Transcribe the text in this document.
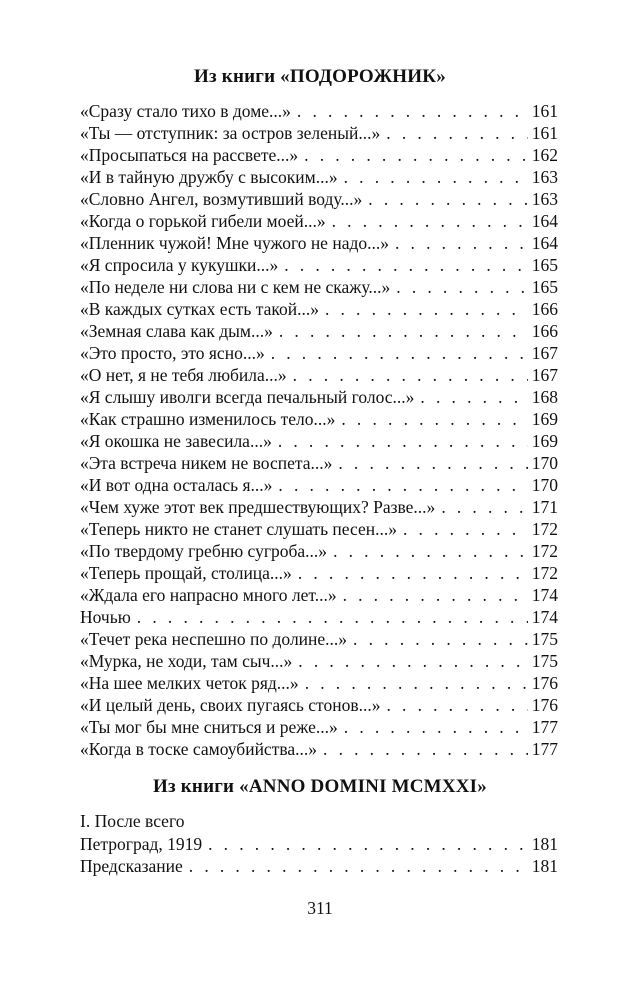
Из книги «ПОДОРОЖНИК»
«Сразу стало тихо в доме...» . . .	161
«Ты — отступник: за остров зеленый...» . . .	161
«Просыпаться на рассвете...» . . .	162
«И в тайную дружбу с высоким...» . . .	163
«Словно Ангел, возмутивший воду...» . . .	163
«Когда о горькой гибели моей...» . . .	164
«Пленник чужой! Мне чужого не надо...» . . .	164
«Я спросила у кукушки...» . . .	165
«По неделе ни слова ни с кем не скажу...» . . .	165
«В каждых сутках есть такой...» . . .	166
«Земная слава как дым...» . . .	166
«Это просто, это ясно...» . . .	167
«О нет, я не тебя любила...» . . .	167
«Я слышу иволги всегда печальный голос...» . . .	168
«Как страшно изменилось тело...» . . .	169
«Я окошка не завесила...» . . .	169
«Эта встреча никем не воспета...» . . .	170
«И вот одна осталась я...» . . .	170
«Чем хуже этот век предшествующих? Разве...» . . .	171
«Теперь никто не станет слушать песен...» . . .	172
«По твердому гребню сугроба...» . . .	172
«Теперь прощай, столица...» . . .	172
«Ждала его напрасно много лет...» . . .	174
Ночью . . .	174
«Течет река неспешно по долине...» . . .	175
«Мурка, не ходи, там сыч...» . . .	175
«На шее мелких четок ряд...» . . .	176
«И целый день, своих пугаясь стонов...» . . .	176
«Ты мог бы мне сниться и реже...» . . .	177
«Когда в тоске самоубийства...» . . .	177
Из книги «ANNO DOMINI MCMXXI»
I. После всего
Петроград, 1919 . . .	181
Предсказание . . .	181
311
